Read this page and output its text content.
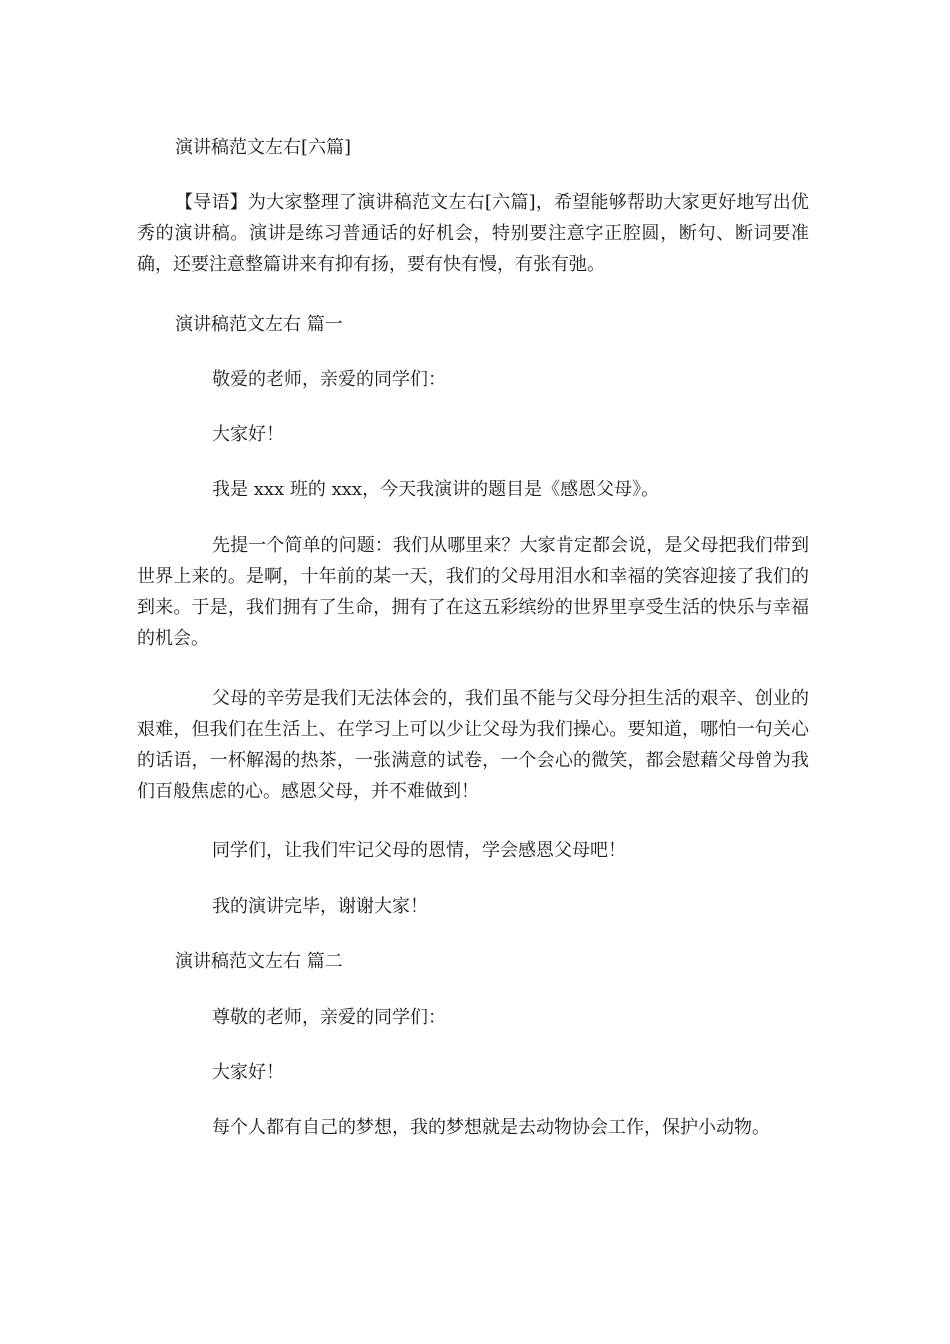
演讲稿范文左右[六篇]

【导语】为大家整理了演讲稿范文左右[六篇]，希望能够帮助大家更好地写出优秀的演讲稿。演讲是练习普通话的好机会，特别要注意字正腔圆，断句、断词要准确，还要注意整篇讲来有抑有扬，要有快有慢，有张有弛。

演讲稿范文左右 篇一

敬爱的老师，亲爱的同学们：

大家好！

我是 xxx 班的 xxx，今天我演讲的题目是《感恩父母》。

先提一个简单的问题：我们从哪里来？大家肯定都会说，是父母把我们带到世界上来的。是啊，十年前的某一天，我们的父母用泪水和幸福的笑容迎接了我们的到来。于是，我们拥有了生命，拥有了在这五彩缤纷的世界里享受生活的快乐与幸福的机会。

父母的辛劳是我们无法体会的，我们虽不能与父母分担生活的艰辛、创业的艰难，但我们在生活上、在学习上可以少让父母为我们操心。要知道，哪怕一句关心的话语，一杯解渴的热茶，一张满意的试卷，一个会心的微笑，都会慰藉父母曾为我们百般焦虑的心。感恩父母，并不难做到！

同学们，让我们牢记父母的恩情，学会感恩父母吧！

我的演讲完毕，谢谢大家！

演讲稿范文左右 篇二

尊敬的老师，亲爱的同学们：

大家好！

每个人都有自己的梦想，我的梦想就是去动物协会工作，保护小动物。
